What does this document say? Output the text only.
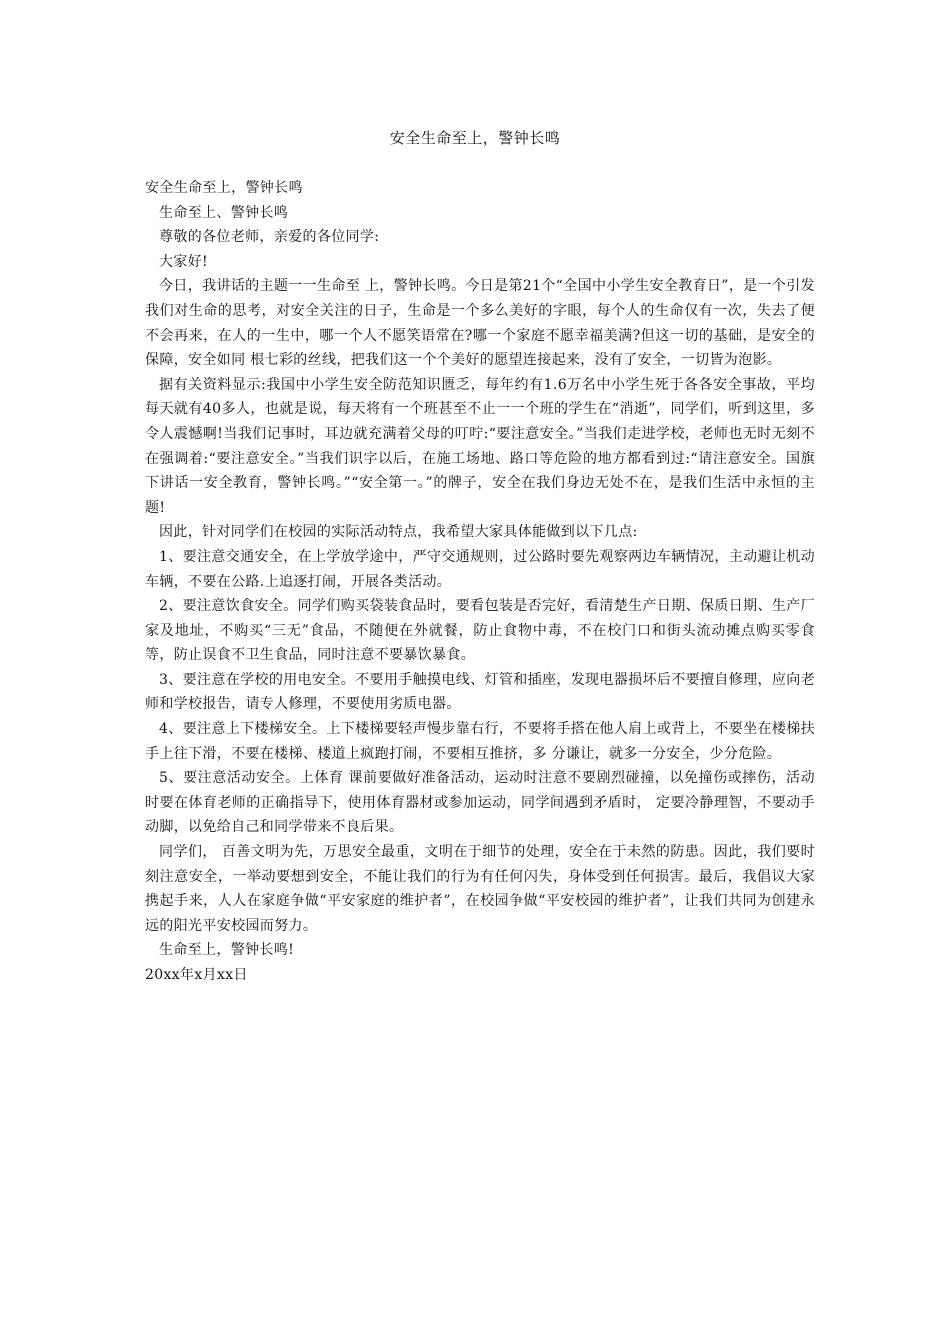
安全生命至上，警钟长鸣

安全生命至上，警钟长鸣

生命至上、警钟长鸣

尊敬的各位老师，亲爱的各位同学:

大家好!

今日，我讲话的主题一一生命至 上，警钟长鸣。今日是第21个“全国中小学生安全教育日”，是一个引发我们对生命的思考，对安全关注的日子，生命是一个多么美好的字眼，每个人的生命仅有一次，失去了便不会再来，在人的一生中，哪一个人不愿笑语常在?哪一个家庭不愿幸福美满?但这一切的基础，是安全的保障，安全如同 根七彩的丝线，把我们这一个个美好的愿望连接起来，没有了安全，一切皆为泡影。

据有关资料显示:我国中小学生安全防范知识匮乏，每年约有1.6万名中小学生死于各各安全事故，平均每天就有40多人，也就是说，每天将有一个班甚至不止一一个班的学生在“消逝”，同学们，听到这里，多令人震憾啊!当我们记事时，耳边就充满着父母的叮咛:“要注意安全。”当我们走进学校，老师也无时无刻不在强调着:“要注意安全。”当我们识字以后，在施工场地、路口等危险的地方都看到过:“请注意安全。国旗下讲话一安全教育，警钟长鸣。”“安全第一。”的牌子，安全在我们身边无处不在，是我们生活中永恒的主题!

因此，针对同学们在校园的实际活动特点，我希望大家具体能做到以下几点:

1、要注意交通安全，在上学放学途中，严守交通规则，过公路时要先观察两边车辆情况，主动避让机动车辆，不要在公路.上追逐打闹，开展各类活动。

2、要注意饮食安全。同学们购买袋装食品时，要看包装是否完好，看清楚生产日期、保质日期、生产厂家及地址，不购买“三无”食品，不随便在外就餐，防止食物中毒，不在校门口和街头流动摊点购买零食等，防止误食不卫生食品，同时注意不要暴饮暴食。

3、要注意在学校的用电安全。不要用手触摸电线、灯管和插座，发现电器损坏后不要擅自修理，应向老师和学校报告，请专人修理，不要使用劣质电器。

4、要注意上下楼梯安全。上下楼梯要轻声慢步靠右行，不要将手搭在他人肩上或背上，不要坐在楼梯扶手上往下滑，不要在楼梯、楼道上疯跑打闹，不要相互推挤，多 分谦让，就多一分安全，少分危险。

5、要注意活动安全。上体育 课前要做好准备活动，运动时注意不要剧烈碰撞，以免撞伤或摔伤，活动时要在体育老师的正确指导下，使用体育器材或参加运动，同学间遇到矛盾时， 定要冷静理智，不要动手动脚，以免给自己和同学带来不良后果。

同学们， 百善文明为先，万思安全最重，文明在于细节的处理，安全在于未然的防患。因此，我们要时刻注意安全，一举动要想到安全，不能让我们的行为有任何闪失，身体受到任何损害。最后，我倡议大家携起手来，人人在家庭争做“平安家庭的维护者”，在校园争做“平安校园的维护者”，让我们共同为创建永远的阳光平安校园而努力。

生命至上，警钟长鸣!

20xx年x月xx日
